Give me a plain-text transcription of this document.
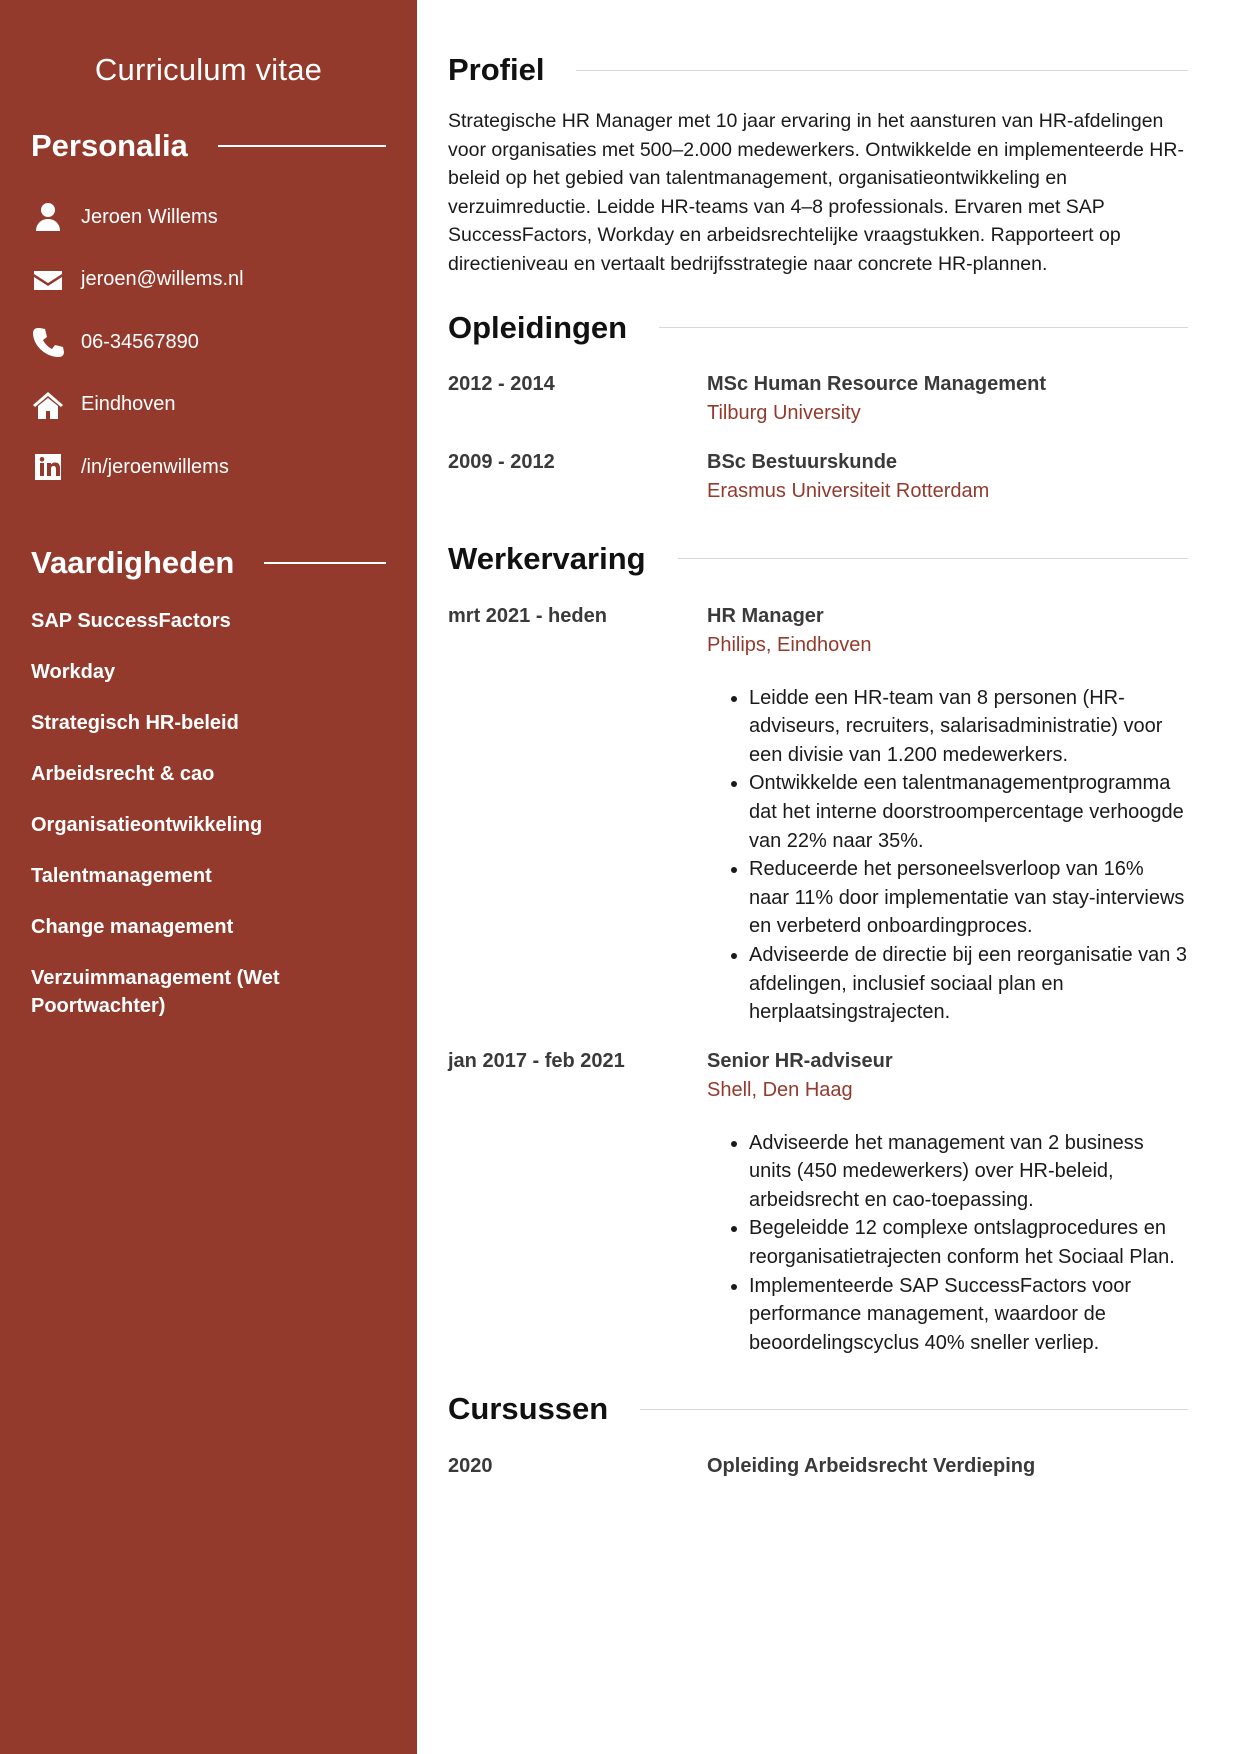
Curriculum vitae
Personalia
Jeroen Willems
jeroen@willems.nl
06-34567890
Eindhoven
/in/jeroenwillems
Vaardigheden
SAP SuccessFactors
Workday
Strategisch HR-beleid
Arbeidsrecht & cao
Organisatieontwikkeling
Talentmanagement
Change management
Verzuimmanagement (Wet Poortwachter)
Profiel

Strategische HR Manager met 10 jaar ervaring in het aansturen van HR-afdelingen voor organisaties met 500–2.000 medewerkers. Ontwikkelde en implementeerde HR-beleid op het gebied van talentmanagement, organisatieontwikkeling en verzuimreductie. Leidde HR-teams van 4–8 professionals. Ervaren met SAP SuccessFactors, Workday en arbeidsrechtelijke vraagstukken. Rapporteert op directieniveau en vertaalt bedrijfsstrategie naar concrete HR-plannen.

Opleidingen
2012 - 2014	MSc Human Resource Management
Tilburg University
2009 - 2012	BSc Bestuurskunde
Erasmus Universiteit Rotterdam
Werkervaring
mrt 2021 - heden	HR Manager
Philips, Eindhoven
• Leidde een HR-team van 8 personen (HR-adviseurs, recruiters, salarisadministratie) voor een divisie van 1.200 medewerkers.
• Ontwikkelde een talentmanagementprogramma dat het interne doorstroompercentage verhoogde van 22% naar 35%.
• Reduceerde het personeelsverloop van 16% naar 11% door implementatie van stay-interviews en verbeterd onboardingproces.
• Adviseerde de directie bij een reorganisatie van 3 afdelingen, inclusief sociaal plan en herplaatsingstrajecten.
jan 2017 - feb 2021	Senior HR-adviseur
Shell, Den Haag
• Adviseerde het management van 2 business units (450 medewerkers) over HR-beleid, arbeidsrecht en cao-toepassing.
• Begeleidde 12 complexe ontslagprocedures en reorganisatietrajecten conform het Sociaal Plan.
• Implementeerde SAP SuccessFactors voor performance management, waardoor de beoordelingscyclus 40% sneller verliep.
Cursussen
2020	Opleiding Arbeidsrecht Verdieping
